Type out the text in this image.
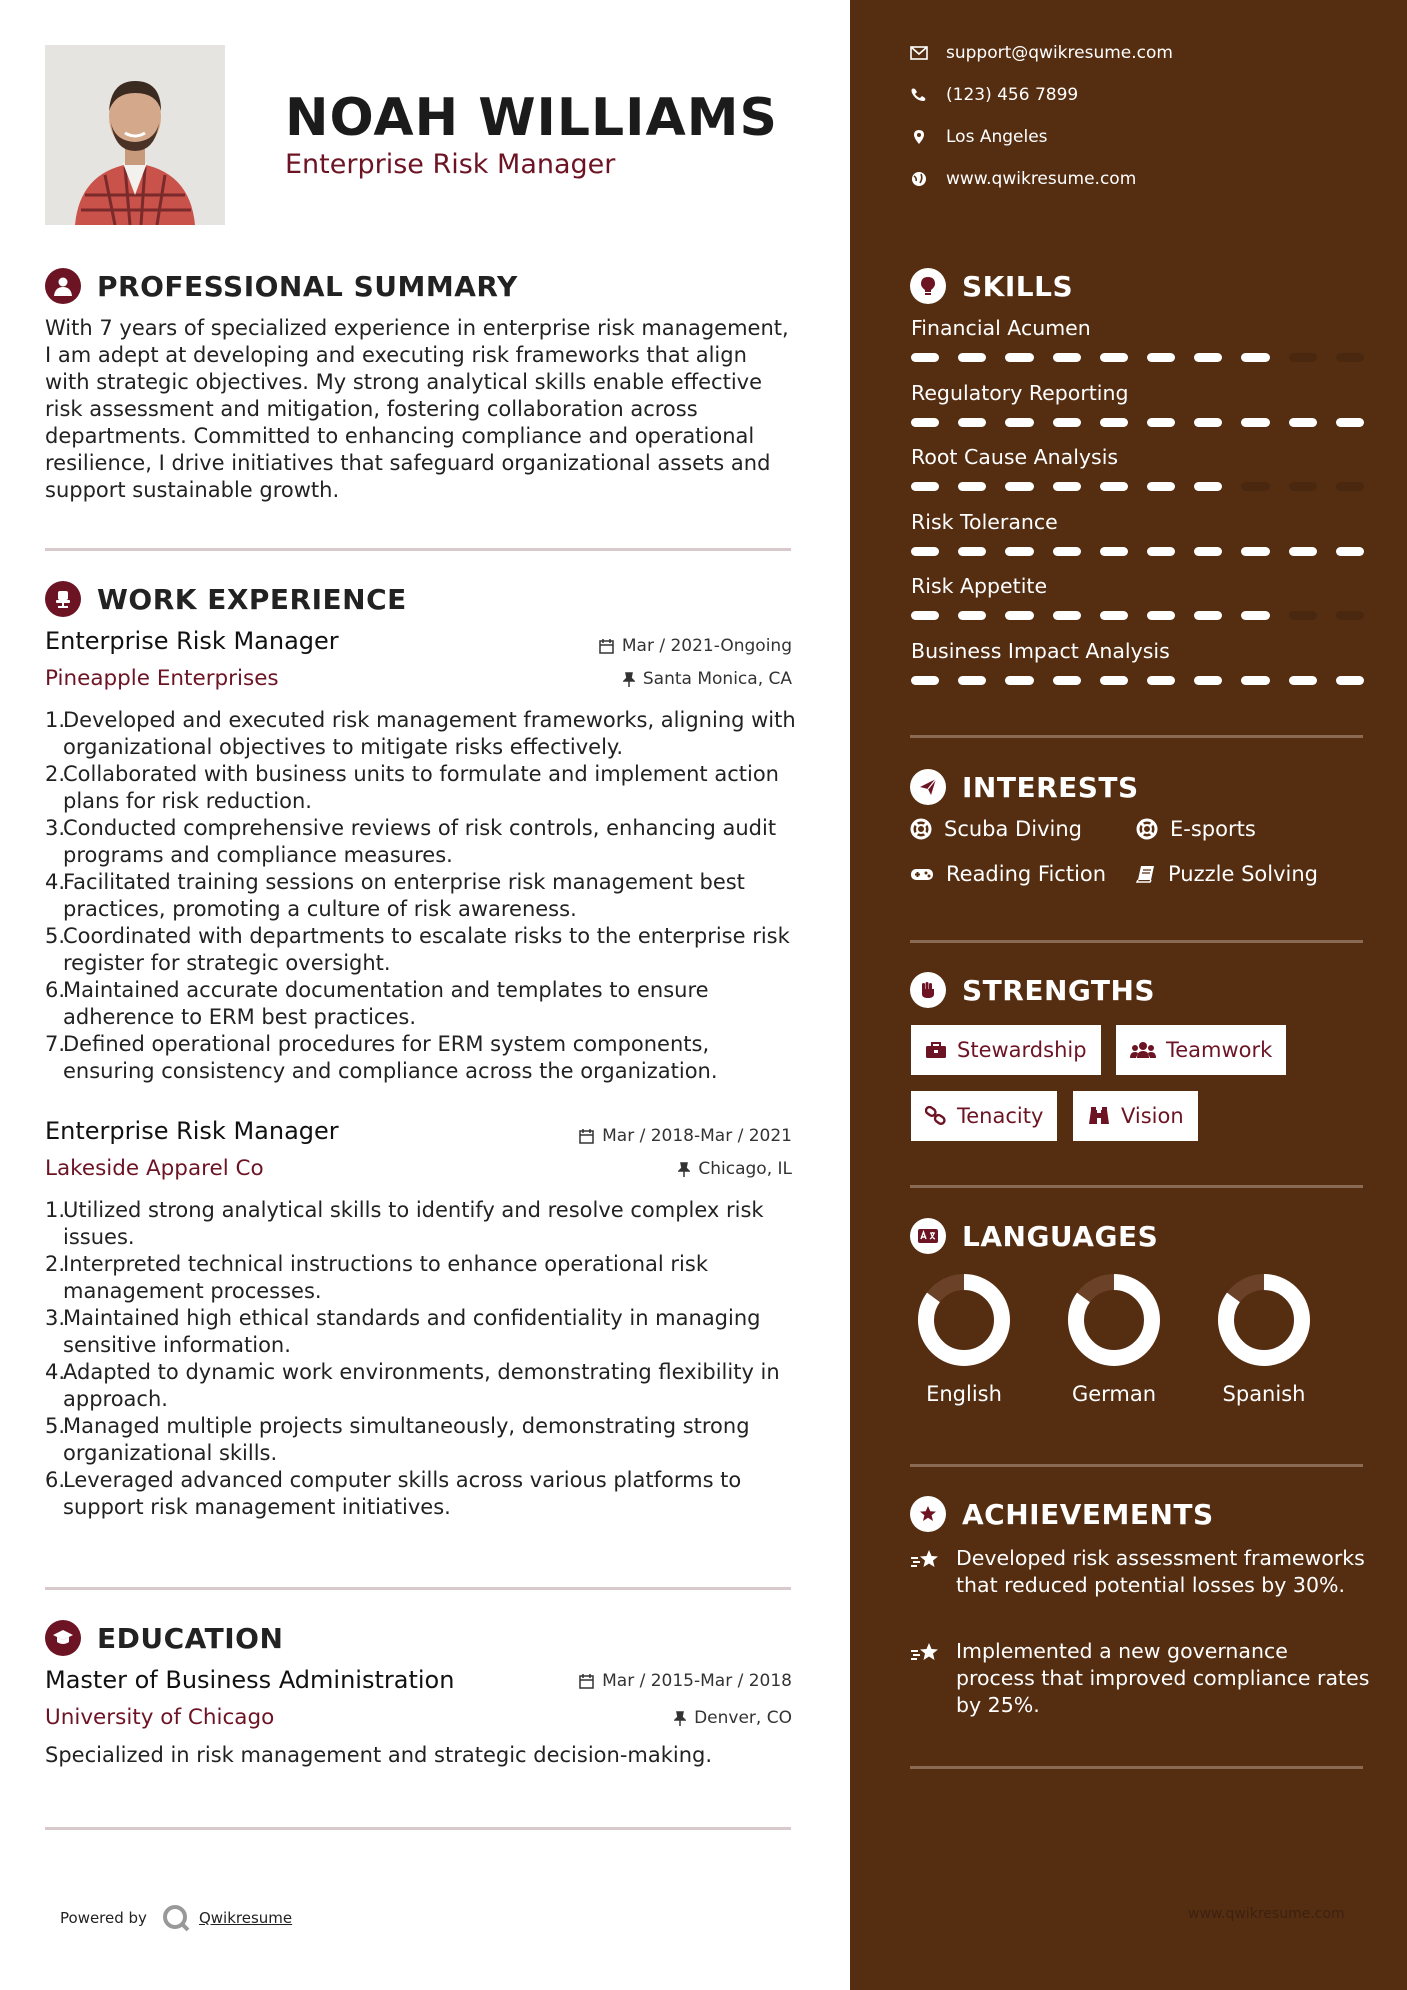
NOAH WILLIAMS
Enterprise Risk Manager
PROFESSIONAL SUMMARY
With 7 years of specialized experience in enterprise risk management, I am adept at developing and executing risk frameworks that align with strategic objectives. My strong analytical skills enable effective risk assessment and mitigation, fostering collaboration across departments. Committed to enhancing compliance and operational resilience, I drive initiatives that safeguard organizational assets and support sustainable growth.
WORK EXPERIENCE
Enterprise Risk Manager
Pineapple Enterprises
Mar / 2021-Ongoing
Santa Monica, CA
1.
Developed and executed risk management frameworks, aligning with organizational objectives to mitigate risks effectively.
2.
Collaborated with business units to formulate and implement action plans for risk reduction.
3.
Conducted comprehensive reviews of risk controls, enhancing audit programs and compliance measures.
4.
Facilitated training sessions on enterprise risk management best practices, promoting a culture of risk awareness.
5.
Coordinated with departments to escalate risks to the enterprise risk register for strategic oversight.
6.
Maintained accurate documentation and templates to ensure adherence to ERM best practices.
7.
Defined operational procedures for ERM system components, ensuring consistency and compliance across the organization.
Enterprise Risk Manager
Lakeside Apparel Co
Mar / 2018-Mar / 2021
Chicago, IL
1.
Utilized strong analytical skills to identify and resolve complex risk issues.
2.
Interpreted technical instructions to enhance operational risk management processes.
3.
Maintained high ethical standards and confidentiality in managing sensitive information.
4.
Adapted to dynamic work environments, demonstrating flexibility in approach.
5.
Managed multiple projects simultaneously, demonstrating strong organizational skills.
6.
Leveraged advanced computer skills across various platforms to support risk management initiatives.
EDUCATION
Master of Business Administration
University of Chicago
Mar / 2015-Mar / 2018
Denver, CO
Specialized in risk management and strategic decision-making.
Powered by	Qwikresume
support@qwikresume.com
(123) 456 7899
Los Angeles
www.qwikresume.com
SKILLS
Financial Acumen
Regulatory Reporting
Root Cause Analysis
Risk Tolerance
Risk Appetite
Business Impact Analysis
INTERESTS
Scuba Diving	E-sports
Reading Fiction	Puzzle Solving
STRENGTHS
Stewardship	Teamwork
Tenacity	Vision
LANGUAGES
English	German	Spanish
ACHIEVEMENTS
Developed risk assessment frameworks that reduced potential losses by 30%.
Implemented a new governance process that improved compliance rates by 25%.
www.qwikresume.com
